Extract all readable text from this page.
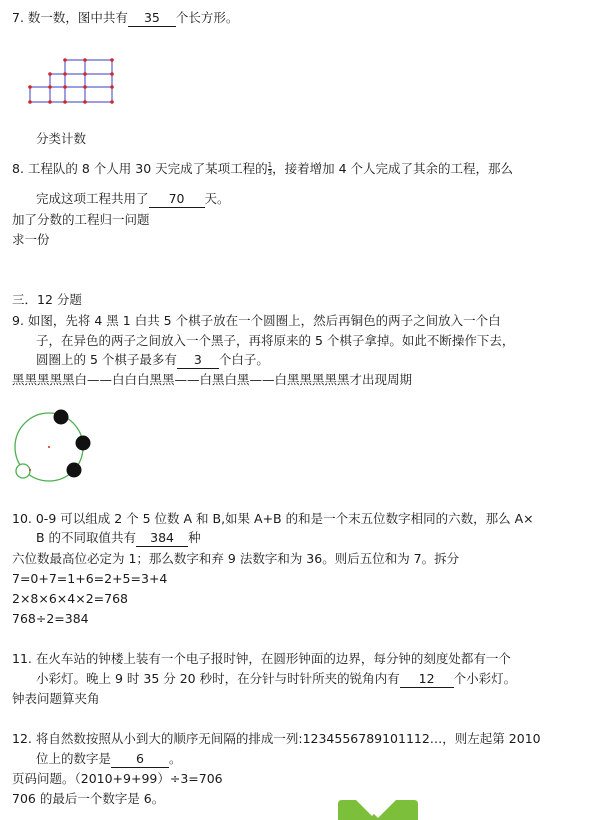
7. 数一数，图中共有 35 个长方形。
分类计数
8. 工程队的 8 个人用 30 天完成了某项工程的 $\frac{1}{3}$ ，接着增加 4 个人完成了其余的工程，那么
完成这项工程共用了 70 天。
加了分数的工程归一问题
求一份
三．12 分题
9. 如图，先将 4 黑 1 白共 5 个棋子放在一个圆圈上，然后再铜色的两子之间放入一个白
子，在异色的两子之间放入一个黑子，再将原来的 5 个棋子拿掉。如此不断操作下去，
圆圈上的 5 个棋子最多有 3 个白子。
黑黑黑黑黑白——白白白黑黑——白黑白黑——白黑黑黑黑黑才出现周期
10. 0-9 可以组成 2 个 5 位数 A 和 B,如果 A+B 的和是一个末五位数字相同的六数，那么 A×
B 的不同取值共有 384 种
六位数最高位必定为 1；那么数字和弃 9 法数字和为 36。则后五位和为 7。拆分
7=0+7=1+6=2+5=3+4
2×8×6×4×2=768
768÷2=384
11. 在火车站的钟楼上装有一个电子报时钟，在圆形钟面的边界，每分钟的刻度处都有一个
小彩灯。晚上 9 时 35 分 20 秒时，在分针与时针所夹的锐角内有 12 个小彩灯。
钟表问题算夹角
12. 将自然数按照从小到大的顺序无间隔的排成一列:1234556789101112…，则左起第 2010
位上的数字是 6 。
页码问题。（2010+9+99）÷3=706
706 的最后一个数字是 6。
